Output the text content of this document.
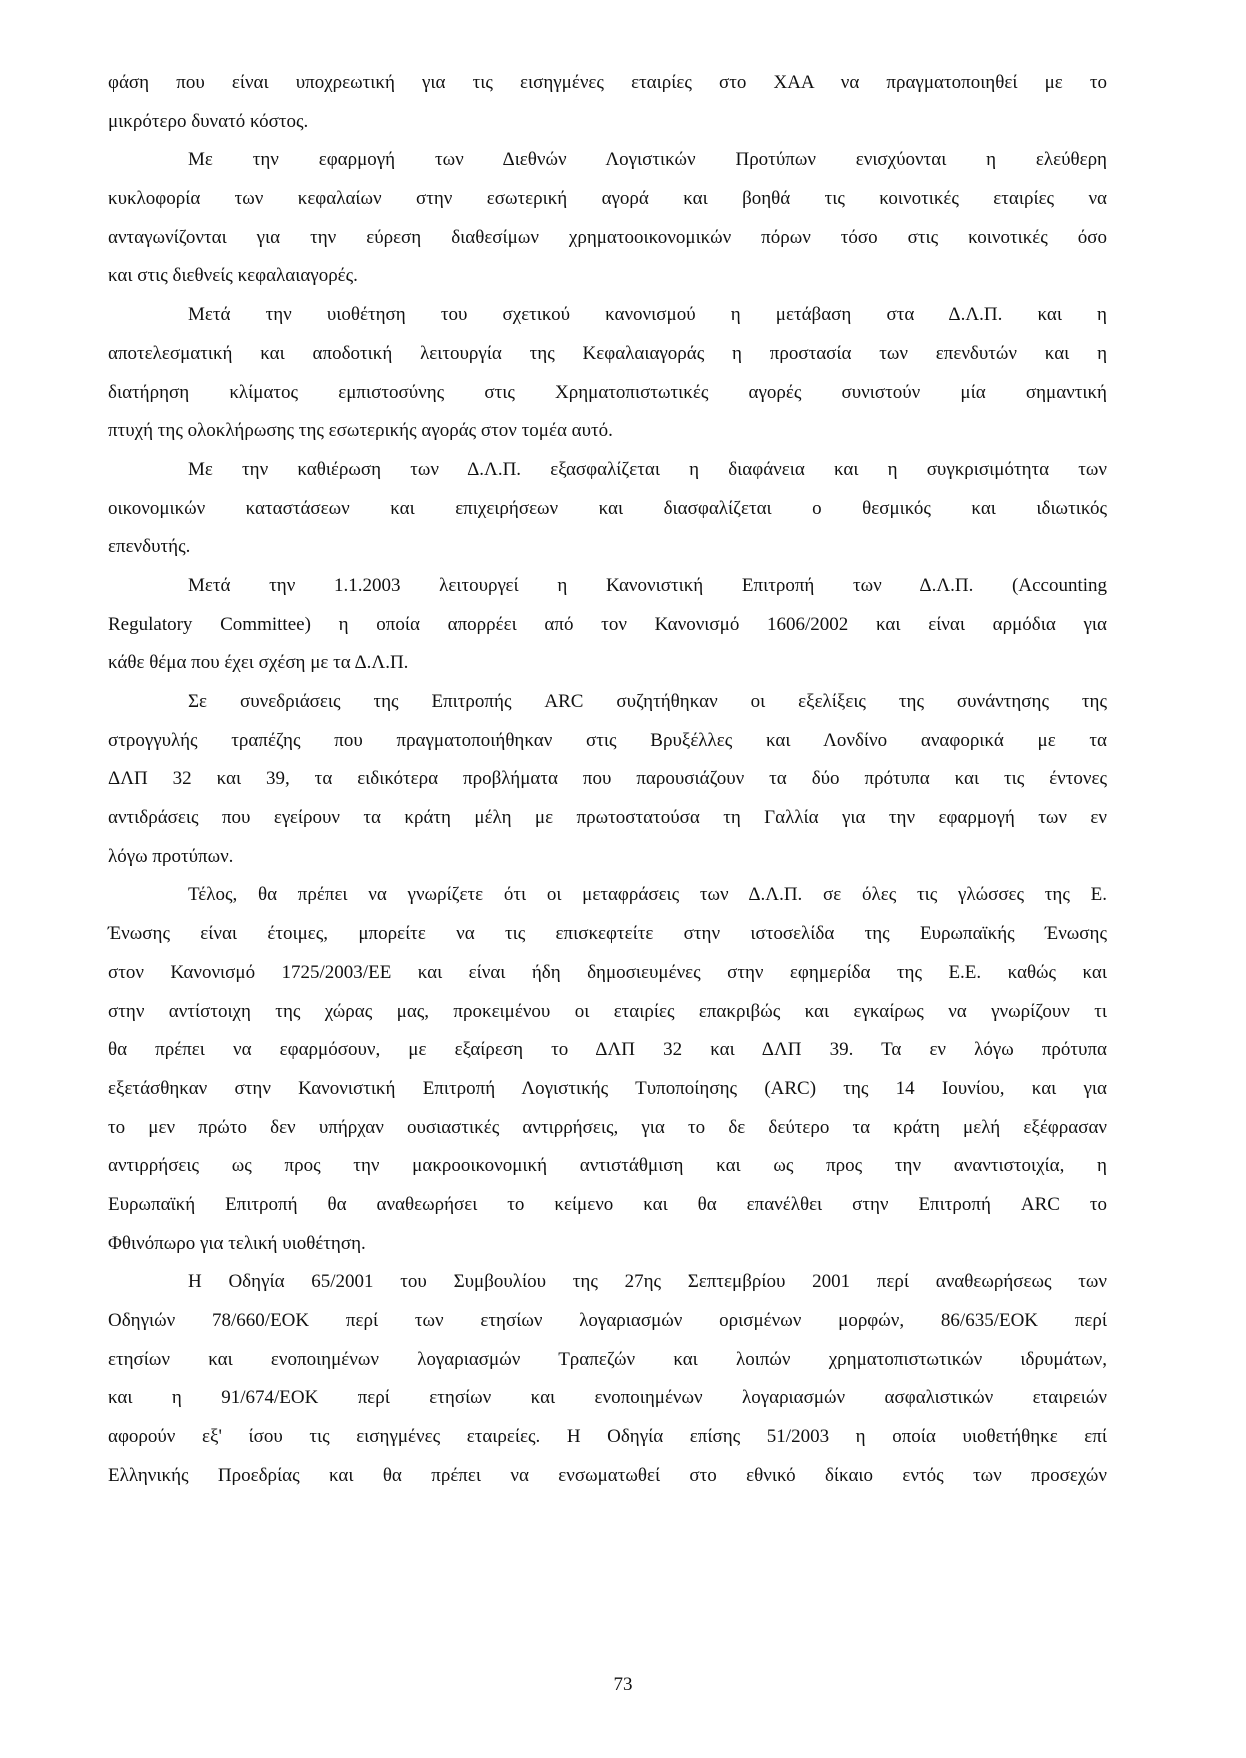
φάση που είναι υποχρεωτική για τις εισηγμένες εταιρίες στο ΧΑΑ να πραγματοποιηθεί με το
μικρότερο δυνατό κόστος.
Με την εφαρμογή των Διεθνών Λογιστικών Προτύπων ενισχύονται η ελεύθερη
κυκλοφορία των κεφαλαίων στην εσωτερική αγορά και βοηθά τις κοινοτικές εταιρίες να
ανταγωνίζονται για την εύρεση διαθεσίμων χρηματοοικονομικών πόρων τόσο στις κοινοτικές όσο
και στις διεθνείς κεφαλαιαγορές.
Μετά την υιοθέτηση του σχετικού κανονισμού η μετάβαση στα Δ.Λ.Π. και η
αποτελεσματική και αποδοτική λειτουργία της Κεφαλαιαγοράς η προστασία των επενδυτών και η
διατήρηση κλίματος εμπιστοσύνης στις Χρηματοπιστωτικές αγορές συνιστούν μία σημαντική
πτυχή της ολοκλήρωσης της εσωτερικής αγοράς στον τομέα αυτό.
Με την καθιέρωση των Δ.Λ.Π. εξασφαλίζεται η διαφάνεια και η συγκρισιμότητα των
οικονομικών καταστάσεων και επιχειρήσεων και διασφαλίζεται ο θεσμικός και ιδιωτικός
επενδυτής.
Μετά την 1.1.2003 λειτουργεί η Κανονιστική Επιτροπή των Δ.Λ.Π. (Accounting
Regulatory Committee) η οποία απορρέει από τον Κανονισμό 1606/2002 και είναι αρμόδια για
κάθε θέμα που έχει σχέση με τα Δ.Λ.Π.
Σε συνεδριάσεις της Επιτροπής ARC συζητήθηκαν οι εξελίξεις της συνάντησης της
στρογγυλής τραπέζης που πραγματοποιήθηκαν στις Βρυξέλλες και Λονδίνο αναφορικά με τα
ΔΛΠ 32 και 39, τα ειδικότερα προβλήματα που παρουσιάζουν τα δύο πρότυπα και τις έντονες
αντιδράσεις που εγείρουν τα κράτη μέλη με πρωτοστατούσα τη Γαλλία για την εφαρμογή των εν
λόγω προτύπων.
Τέλος, θα πρέπει να γνωρίζετε ότι οι μεταφράσεις των Δ.Λ.Π. σε όλες τις γλώσσες της Ε.
Ένωσης είναι έτοιμες, μπορείτε να τις επισκεφτείτε στην ιστοσελίδα της Ευρωπαϊκής Ένωσης
στον Κανονισμό 1725/2003/ΕΕ και είναι ήδη δημοσιευμένες στην εφημερίδα της Ε.Ε. καθώς και
στην αντίστοιχη της χώρας μας, προκειμένου οι εταιρίες επακριβώς και εγκαίρως να γνωρίζουν τι
θα πρέπει να εφαρμόσουν, με εξαίρεση το ΔΛΠ 32 και ΔΛΠ 39. Τα εν λόγω πρότυπα
εξετάσθηκαν στην Κανονιστική Επιτροπή Λογιστικής Τυποποίησης (ARC) της 14 Ιουνίου, και για
το μεν πρώτο δεν υπήρχαν ουσιαστικές αντιρρήσεις, για το δε δεύτερο τα κράτη μελή εξέφρασαν
αντιρρήσεις ως προς την μακροοικονομική αντιστάθμιση και ως προς την αναντιστοιχία, η
Ευρωπαϊκή Επιτροπή θα αναθεωρήσει το κείμενο και θα επανέλθει στην Επιτροπή ARC το
Φθινόπωρο για τελική υιοθέτηση.
Η Οδηγία 65/2001 του Συμβουλίου της 27ης Σεπτεμβρίου 2001 περί αναθεωρήσεως των
Οδηγιών 78/660/ΕΟΚ περί των ετησίων λογαριασμών ορισμένων μορφών, 86/635/ΕΟΚ περί
ετησίων και ενοποιημένων λογαριασμών Τραπεζών και λοιπών χρηματοπιστωτικών ιδρυμάτων,
και η 91/674/ΕΟΚ περί ετησίων και ενοποιημένων λογαριασμών ασφαλιστικών εταιρειών
αφορούν εξ' ίσου τις εισηγμένες εταιρείες. Η Οδηγία επίσης 51/2003 η οποία υιοθετήθηκε επί
Ελληνικής Προεδρίας και θα πρέπει να ενσωματωθεί στο εθνικό δίκαιο εντός των προσεχών
73
